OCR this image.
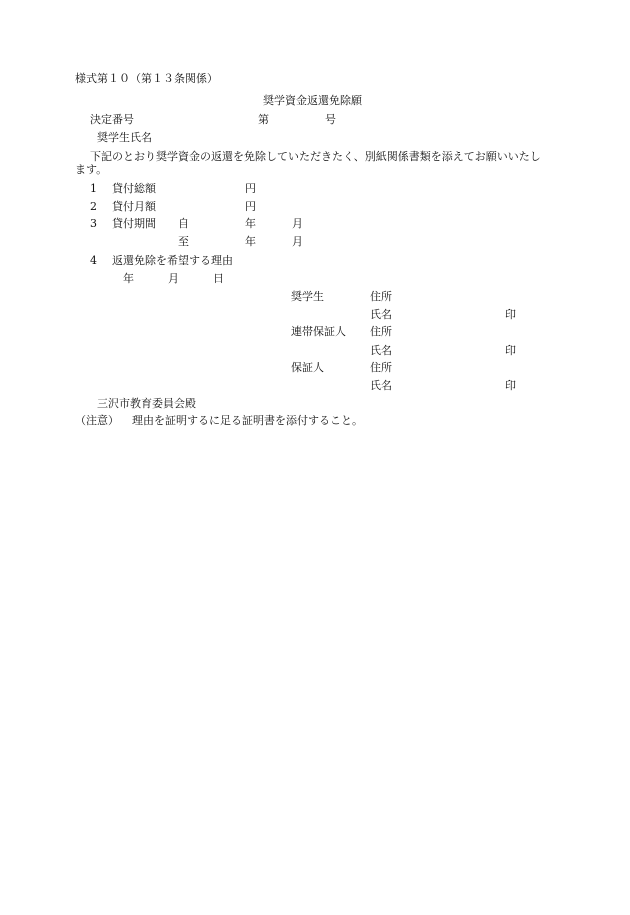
様式第１０（第１３条関係）
奨学資金返還免除願
決定番号	第	号
奨学生氏名
下記のとおり奨学資金の返還を免除していただきたく、別紙関係書類を添えてお願いいたし
ます。
1 貸付総額	円
2 貸付月額	円
3 貸付期間 自	年	月
至	年	月
4 返還免除を希望する理由
年	月	日
奨学生	住所
氏名	印
連帯保証人 住所
氏名	印
保証人	住所
氏名	印
三沢市教育委員会殿
（注意） 理由を証明するに足る証明書を添付すること。
